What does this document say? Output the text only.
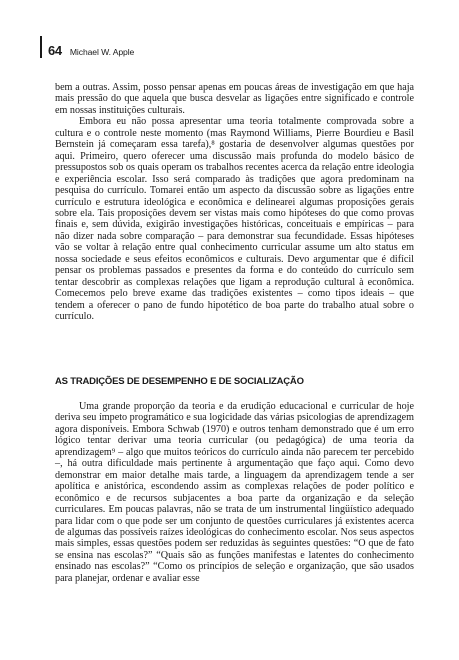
64 Michael W. Apple

bem a outras. Assim, posso pensar apenas em poucas áreas de investigação em que haja mais pressão do que aquela que busca desvelar as ligações entre significado e controle em nossas instituições culturais.

Embora eu não possa apresentar uma teoria totalmente comprovada sobre a cultura e o controle neste momento (mas Raymond Williams, Pierre Bourdieu e Basil Bernstein já começaram essa tarefa),⁸ gostaria de desenvolver algumas questões por aqui. Primeiro, quero oferecer uma discussão mais profunda do modelo básico de pressupostos sob os quais operam os trabalhos recentes acerca da relação entre ideologia e experiência escolar. Isso será comparado às tradições que agora predominam na pesquisa do currículo. Tomarei então um aspecto da discussão sobre as ligações entre currículo e estrutura ideológica e econômica e delinearei algumas proposições gerais sobre ela. Tais proposições devem ser vistas mais como hipóteses do que como provas finais e, sem dúvida, exigirão investigações históricas, conceituais e empíricas – para não dizer nada sobre comparação – para demonstrar sua fecundidade. Essas hipóteses vão se voltar à relação entre qual conhecimento curricular assume um alto status em nossa sociedade e seus efeitos econômicos e culturais. Devo argumentar que é difícil pensar os problemas passados e presentes da forma e do conteúdo do currículo sem tentar descobrir as complexas relações que ligam a reprodução cultural à econômica. Comecemos pelo breve exame das tradições existentes – como tipos ideais – que tendem a oferecer o pano de fundo hipotético de boa parte do trabalho atual sobre o currículo.

AS TRADIÇÕES DE DESEMPENHO E DE SOCIALIZAÇÃO

Uma grande proporção da teoria e da erudição educacional e curricular de hoje deriva seu ímpeto programático e sua logicidade das várias psicologias de aprendizagem agora disponíveis. Embora Schwab (1970) e outros tenham demonstrado que é um erro lógico tentar derivar uma teoria curricular (ou pedagógica) de uma teoria da aprendizagem⁹ – algo que muitos teóricos do currículo ainda não parecem ter percebido –, há outra dificuldade mais pertinente à argumentação que faço aqui. Como devo demonstrar em maior detalhe mais tarde, a linguagem da aprendizagem tende a ser apolítica e anistórica, escondendo assim as complexas relações de poder político e econômico e de recursos subjacentes a boa parte da organização e da seleção curriculares. Em poucas palavras, não se trata de um instrumental lingüístico adequado para lidar com o que pode ser um conjunto de questões curriculares já existentes acerca de algumas das possíveis raízes ideológicas do conhecimento escolar. Nos seus aspectos mais simples, essas questões podem ser reduzidas às seguintes questões: “O que de fato se ensina nas escolas?” “Quais são as funções manifestas e latentes do conhecimento ensinado nas escolas?” “Como os princípios de seleção e organização, que são usados para planejar, ordenar e avaliar esse
